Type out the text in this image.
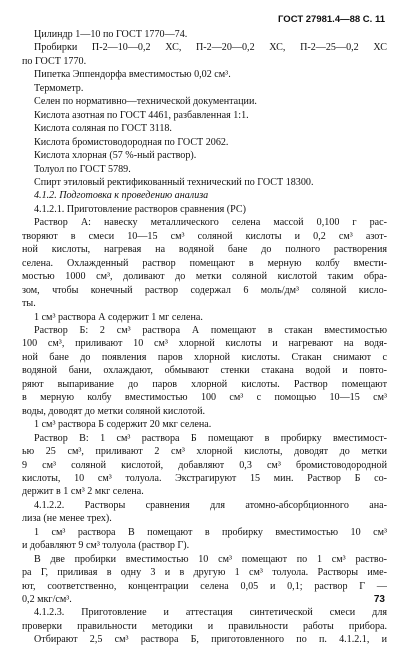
ГОСТ 27981.4—88 С. 11
Цилиндр 1—10 по ГОСТ 1770—74.
Пробирки П-2—10—0,2 ХС, П-2—20—0,2 ХС, П-2—25—0,2 ХС
по ГОСТ 1770.
Пипетка Эппендорфа вместимостью 0,02 см³.
Термометр.
Селен по нормативно—технической документации.
Кислота азотная по ГОСТ 4461, разбавленная 1:1.
Кислота соляная по ГОСТ 3118.
Кислота бромистоводородная по ГОСТ 2062.
Кислота хлорная (57 %-ный раствор).
Толуол по ГОСТ 5789.
Спирт этиловый ректификованный технический по ГОСТ 18300.
4.1.2. Подготовка к проведению анализа
4.1.2.1. Приготовление растворов сравнения (РС)
Раствор А: навеску металлического селена массой 0,100 г рас-
творяют в смеси 10—15 см³ соляной кислоты и 0,2 см³ азот-
ной кислоты, нагревая на водяной бане до полного растворения
селена. Охлажденный раствор помещают в мерную колбу вмести-
мостью 1000 см³, доливают до метки соляной кислотой таким обра-
зом, чтобы конечный раствор содержал 6 моль/дм³ соляной кисло-
ты.
1 см³ раствора А содержит 1 мг селена.
Раствор Б: 2 см³ раствора А помещают в стакан вместимостью
100 см³, приливают 10 см³ хлорной кислоты и нагревают на водя-
ной бане до появления паров хлорной кислоты. Стакан снимают с
водяной бани, охлаждают, обмывают стенки стакана водой и повто-
ряют выпаривание до паров хлорной кислоты. Раствор помещают
в мерную колбу вместимостью 100 см³ с помощью 10—15 см³
воды, доводят до метки соляной кислотой.
1 см³ раствора Б содержит 20 мкг селена.
Раствор В: 1 см³ раствора Б помещают в пробирку вместимост-
ью 25 см³, приливают 2 см³ хлорной кислоты, доводят до метки
9 см³ соляной кислотой, добавляют 0,3 см³ бромистоводородной
кислоты, 10 см³ толуола. Экстрагируют 15 мин. Раствор Б со-
держит в 1 см³ 2 мкг селена.
4.1.2.2. Растворы сравнения для атомно-абсорбционного ана-
лиза (не менее трех).
1 см³ раствора В помещают в пробирку вместимостью 10 см³
и добавляют 9 см³ толуола (раствор Г).
В две пробирки вместимостью 10 см³ помещают по 1 см³ раство-
ра Г, приливая в одну 3 и в другую 1 см³ толуола. Растворы име-
ют, соответственно, концентрации селена 0,05 и 0,1; раствор Г —
0,2 мкг/см³.
4.1.2.3. Приготовление и аттестация синтетической смеси для
проверки правильности методики и правильности работы прибора.
Отбирают 2,5 см³ раствора Б, приготовленного по п. 4.1.2.1, и
73
